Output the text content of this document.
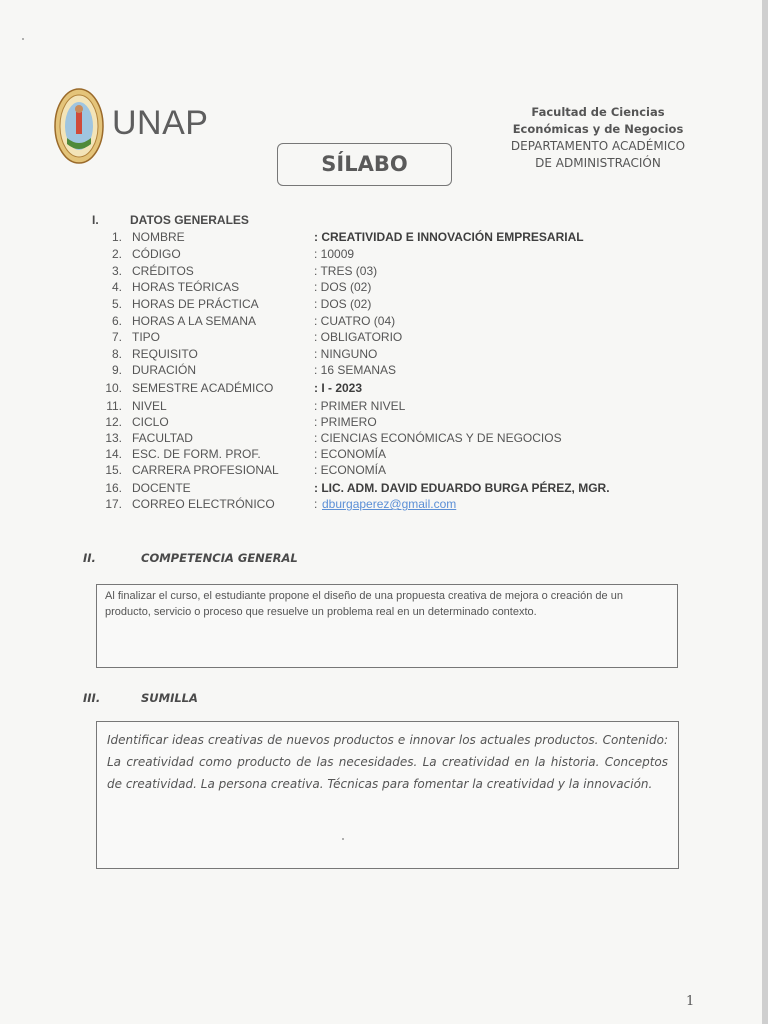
UNAP	Facultad de Ciencias
Económicas y de Negocios
DEPARTAMENTO ACADÉMICO
DE ADMINISTRACIÓN
SÍLABO
I.	DATOS GENERALES
1. NOMBRE	: CREATIVIDAD E INNOVACIÓN EMPRESARIAL
2. CÓDIGO	: 10009
3. CRÉDITOS	: TRES (03)
4. HORAS TEÓRICAS	: DOS (02)
5. HORAS DE PRÁCTICA	: DOS (02)
6. HORAS A LA SEMANA	: CUATRO (04)
7. TIPO	: OBLIGATORIO
8. REQUISITO	: NINGUNO
9. DURACIÓN	: 16 SEMANAS
10. SEMESTRE ACADÉMICO	: I - 2023
11. NIVEL	: PRIMER NIVEL
12. CICLO	: PRIMERO
13. FACULTAD	: CIENCIAS ECONÓMICAS Y DE NEGOCIOS
14. ESC. DE FORM. PROF.	: ECONOMÍA
15. CARRERA PROFESIONAL	: ECONOMÍA
16. DOCENTE	: LIC. ADM. DAVID EDUARDO BURGA PÉREZ, MGR.
17. CORREO ELECTRÓNICO	: dburgaperez@gmail.com
II.	COMPETENCIA GENERAL
Al finalizar el curso, el estudiante propone el diseño de una propuesta creativa de mejora o creación de un producto, servicio o proceso que resuelve un problema real en un determinado contexto.
III.	SUMILLA
Identificar ideas creativas de nuevos productos e innovar los actuales productos. Contenido: La creatividad como producto de las necesidades. La creatividad en la historia. Conceptos de creatividad. La persona creativa. Técnicas para fomentar la creatividad y la innovación.
1
